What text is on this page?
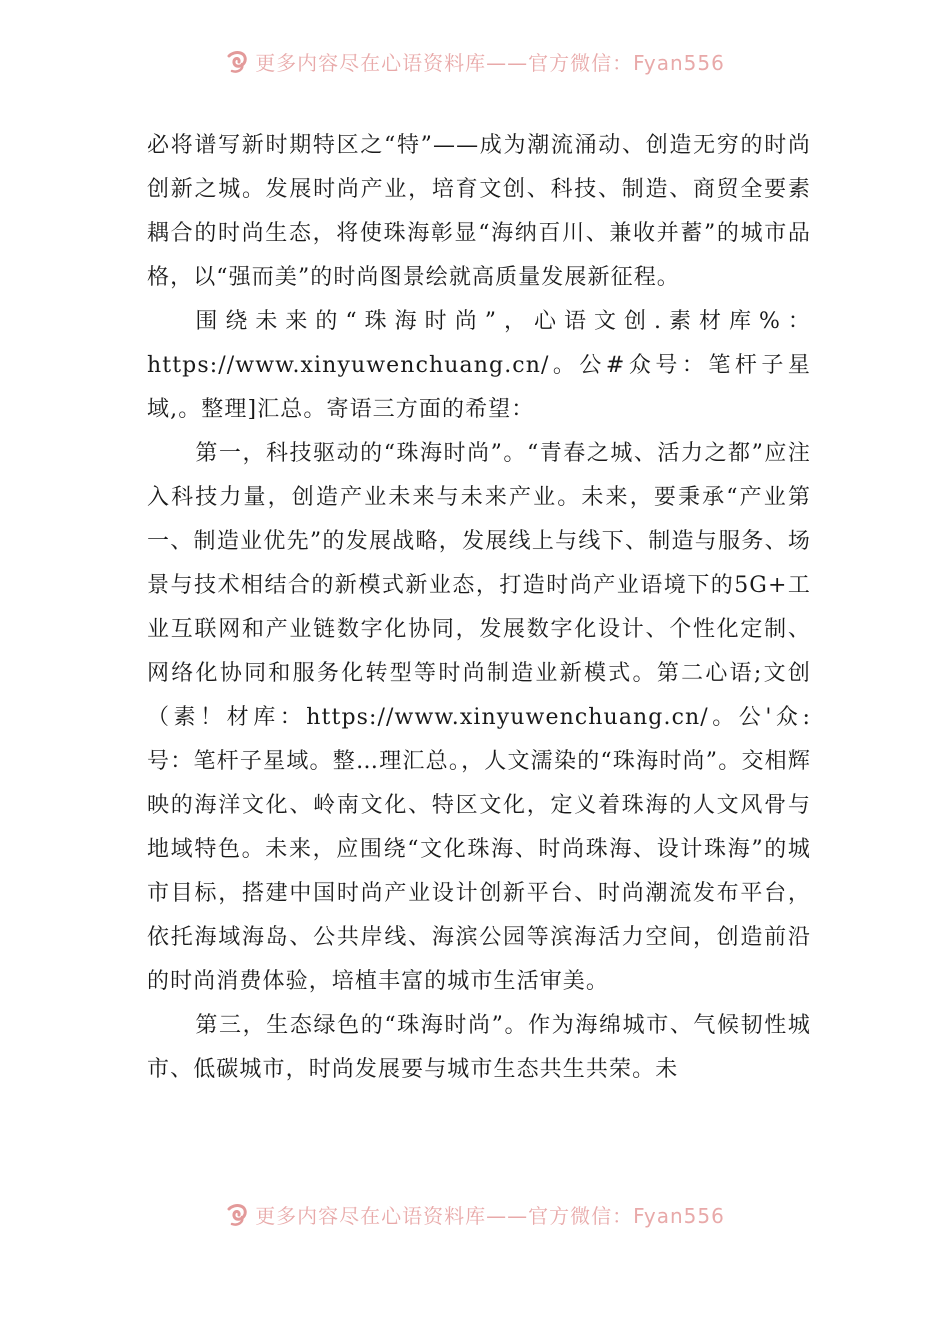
更多内容尽在心语资料库——官方微信：Fyan556

必将谱写新时期特区之“特”——成为潮流涌动、创造无穷的时尚创新之城。发展时尚产业，培育文创、科技、制造、商贸全要素耦合的时尚生态，将使珠海彰显“海纳百川、兼收并蓄”的城市品格，以“强而美”的时尚图景绘就高质量发展新征程。

围绕未来的“珠海时尚”，心语文创.素材库%：https://www.xinyuwenchuang.cn/。公#众号：笔杆子星域,。整理]汇总。寄语三方面的希望：

第一，科技驱动的“珠海时尚”。“青春之城、活力之都”应注入科技力量，创造产业未来与未来产业。未来，要秉承“产业第一、制造业优先”的发展战略，发展线上与线下、制造与服务、场景与技术相结合的新模式新业态，打造时尚产业语境下的5G+工业互联网和产业链数字化协同，发展数字化设计、个性化定制、网络化协同和服务化转型等时尚制造业新模式。第二心语;文创（素！材库：https://www.xinyuwenchuang.cn/。公'众:号：笔杆子星域。整…理汇总。，人文濡染的“珠海时尚”。交相辉映的海洋文化、岭南文化、特区文化，定义着珠海的人文风骨与地域特色。未来，应围绕“文化珠海、时尚珠海、设计珠海”的城市目标，搭建中国时尚产业设计创新平台、时尚潮流发布平台，依托海域海岛、公共岸线、海滨公园等滨海活力空间，创造前沿的时尚消费体验，培植丰富的城市生活审美。

第三，生态绿色的“珠海时尚”。作为海绵城市、气候韧性城市、低碳城市，时尚发展要与城市生态共生共荣。未

更多内容尽在心语资料库——官方微信：Fyan556
